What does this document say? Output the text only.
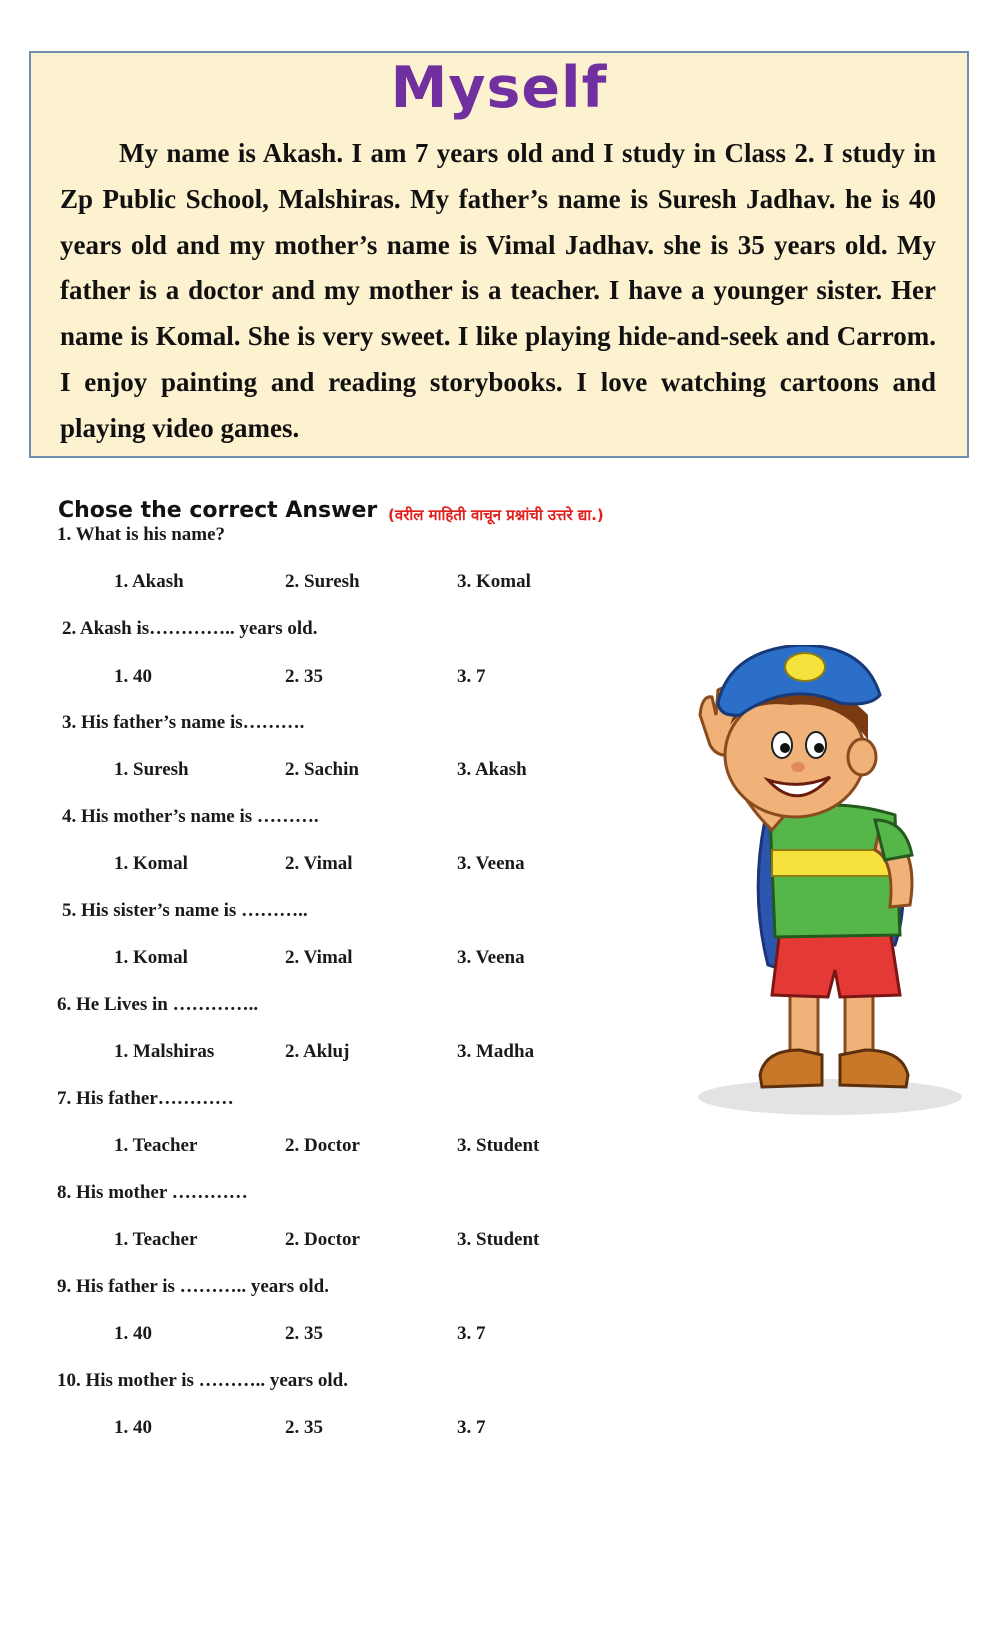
Myself

My name is Akash. I am 7 years old and I study in Class 2. I study in Zp Public School, Malshiras. My father’s name is Suresh Jadhav. he is 40 years old and my mother’s name is Vimal Jadhav. she is 35 years old. My father is a doctor and my mother is a teacher. I have a younger sister. Her name is Komal. She is very sweet. I like playing hide-and-seek and Carrom. I enjoy painting and reading storybooks. I love watching cartoons and playing video games.

Chose the correct Answer (वरील माहिती वाचून प्रश्नांची उत्तरे द्या.)
1. What is his name?
1. Akash	2. Suresh	3. Komal
2. Akash is………….. years old.
1. 40	2. 35	3. 7
3. His father’s name is……….
1. Suresh	2. Sachin	3. Akash
4. His mother’s name is ……….
1. Komal	2. Vimal	3. Veena
5. His sister’s name is ………..
1. Komal	2. Vimal	3. Veena
6. He Lives in …………..
1. Malshiras	2. Akluj	3. Madha
7. His father…………
1. Teacher	2. Doctor	3. Student
8. His mother …………
1. Teacher	2. Doctor	3. Student
9. His father is ……….. years old.
1. 40	2. 35	3. 7
10. His mother is ……….. years old.
1. 40	2. 35	3. 7
